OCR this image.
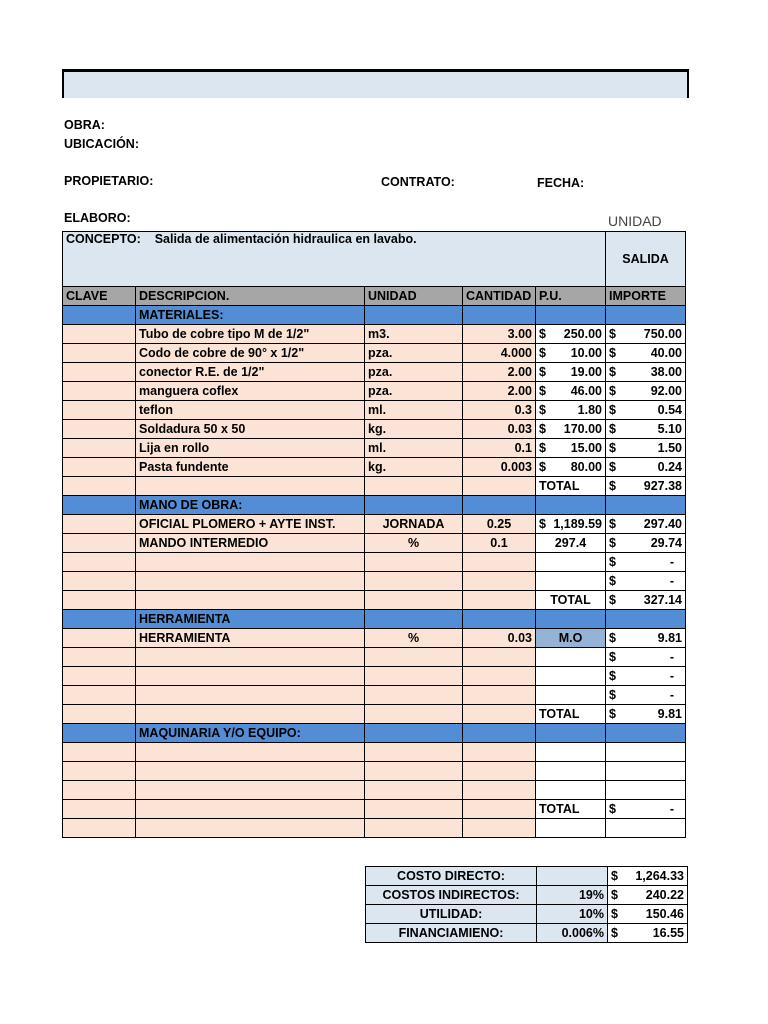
OBRA:
UBICACIÓN:
PROPIETARIO:	CONTRATO:	FECHA:
ELABORO:	UNIDAD
CONCEPTO: Salida de alimentación hidraulica en lavabo.					SALIDA
CLAVE	DESCRIPCION.	UNIDAD	CANTIDAD	P.U.	IMPORTE
	MATERIALES:				
	Tubo de cobre tipo M de 1/2"	m3.	3.00	$ 250.00	$ 750.00

	Codo de cobre de 90° x 1/2"	pza.	4.000	$ 10.00	$ 40.00

	conector R.E. de 1/2"	pza.	2.00	$ 19.00	$ 38.00

	manguera coflex	pza.	2.00	$ 46.00	$ 92.00

	teflon	ml.	0.3	$ 1.80	$ 0.54

	Soldadura 50 x 50	kg.	0.03	$ 170.00	$ 5.10

	Lija en rollo	ml.	0.1	$ 15.00	$ 1.50

	Pasta fundente	kg.	0.003	$ 80.00	$ 0.24

				TOTAL	$ 927.38

	MANO DE OBRA:				
	OFICIAL PLOMERO + AYTE INST.	JORNADA	0.25	$ 1,189.59	$ 297.40

	MANDO INTERMEDIO	%	0.1	297.4	$ 29.74

					$ -

					$ -

				TOTAL	$ 327.14

	HERRAMIENTA				
	HERRAMIENTA	%	0.03	M.O	$ 9.81

					$ -

					$ -

					$ -

				TOTAL	$ 9.81

	MAQUINARIA Y/O EQUIPO:				

				TOTAL	$ -

COSTO DIRECTO:		$ 1,264.33

COSTOS INDIRECTOS:	19%	$ 240.22

UTILIDAD:	10%	$ 150.46

FINANCIAMIENO:	0.006%	$ 16.55
